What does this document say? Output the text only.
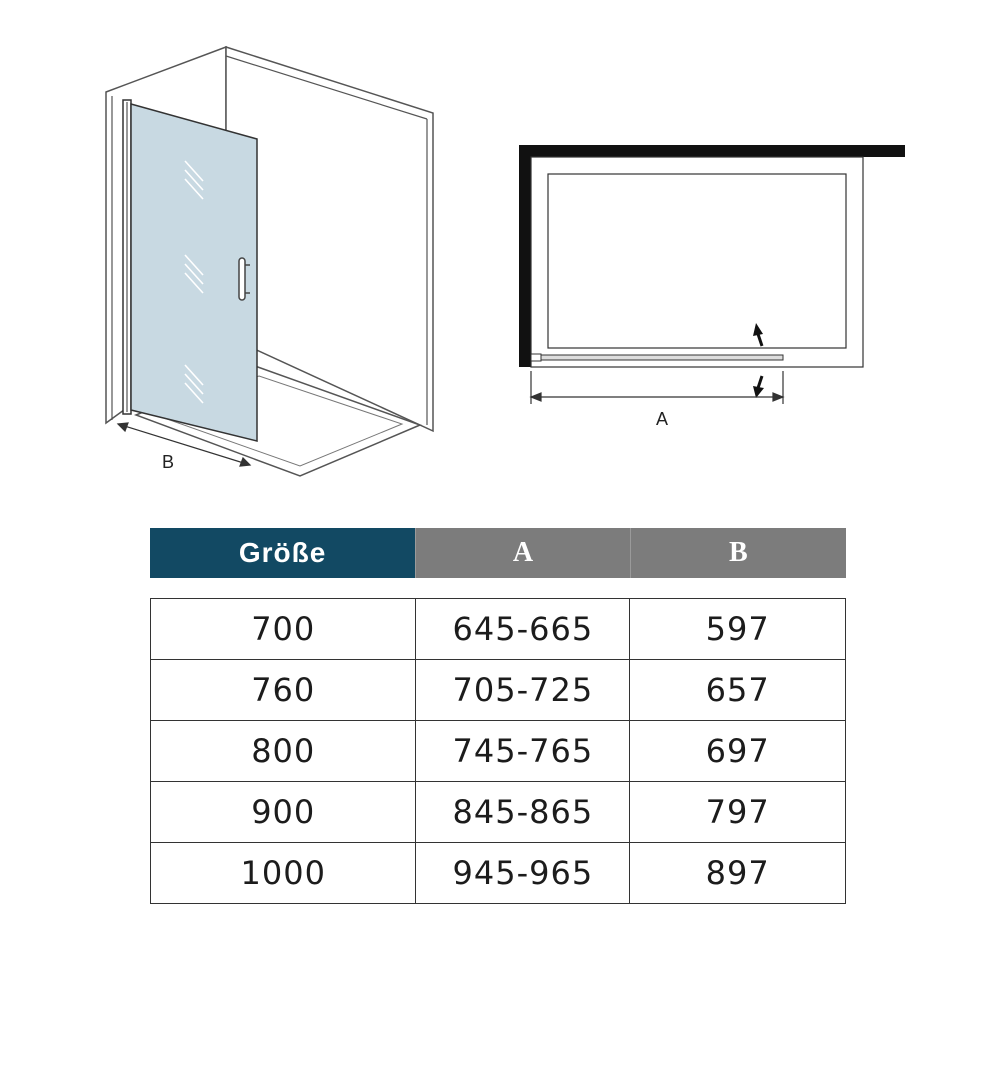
B
A
Größe	A	B
700	645-665	597
760	705-725	657
800	745-765	697
900	845-865	797
1000	945-965	897
